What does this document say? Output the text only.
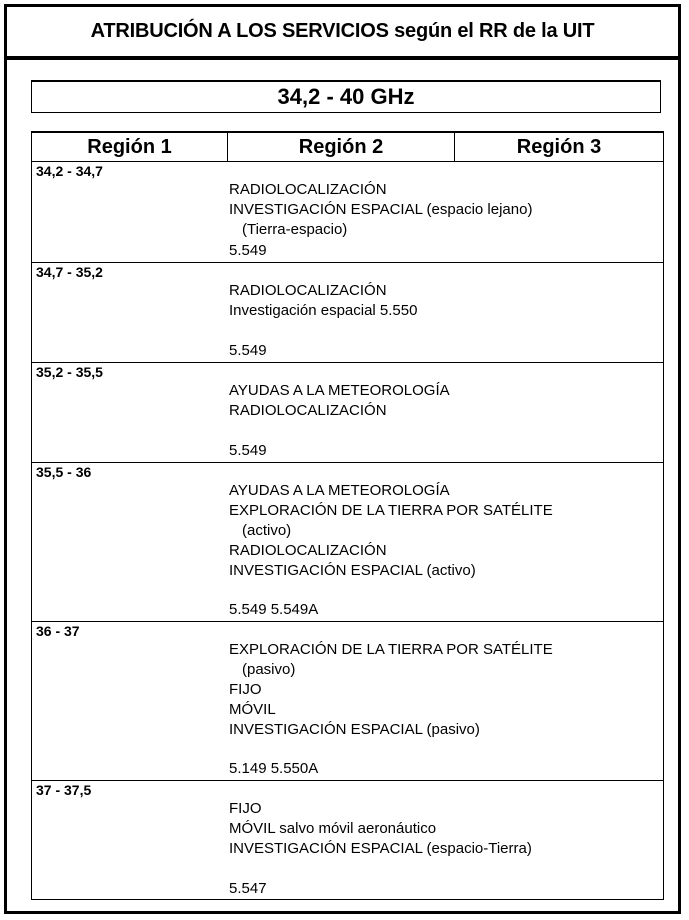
ATRIBUCIÓN A LOS SERVICIOS según el RR de la UIT
34,2 - 40 GHz
Región 1	Región 2	Región 3
34,2 - 34,7
RADIOLOCALIZACIÓN
INVESTIGACIÓN ESPACIAL (espacio lejano)
(Tierra-espacio)
5.549
34,7 - 35,2
RADIOLOCALIZACIÓN
Investigación espacial 5.550
5.549
35,2 - 35,5
AYUDAS A LA METEOROLOGÍA
RADIOLOCALIZACIÓN
5.549
35,5 - 36
AYUDAS A LA METEOROLOGÍA
EXPLORACIÓN DE LA TIERRA POR SATÉLITE
(activo)
RADIOLOCALIZACIÓN
INVESTIGACIÓN ESPACIAL (activo)
5.549 5.549A
36 - 37
EXPLORACIÓN DE LA TIERRA POR SATÉLITE
(pasivo)
FIJO
MÓVIL
INVESTIGACIÓN ESPACIAL (pasivo)
5.149 5.550A
37 - 37,5
FIJO
MÓVIL salvo móvil aeronáutico
INVESTIGACIÓN ESPACIAL (espacio-Tierra)
5.547
